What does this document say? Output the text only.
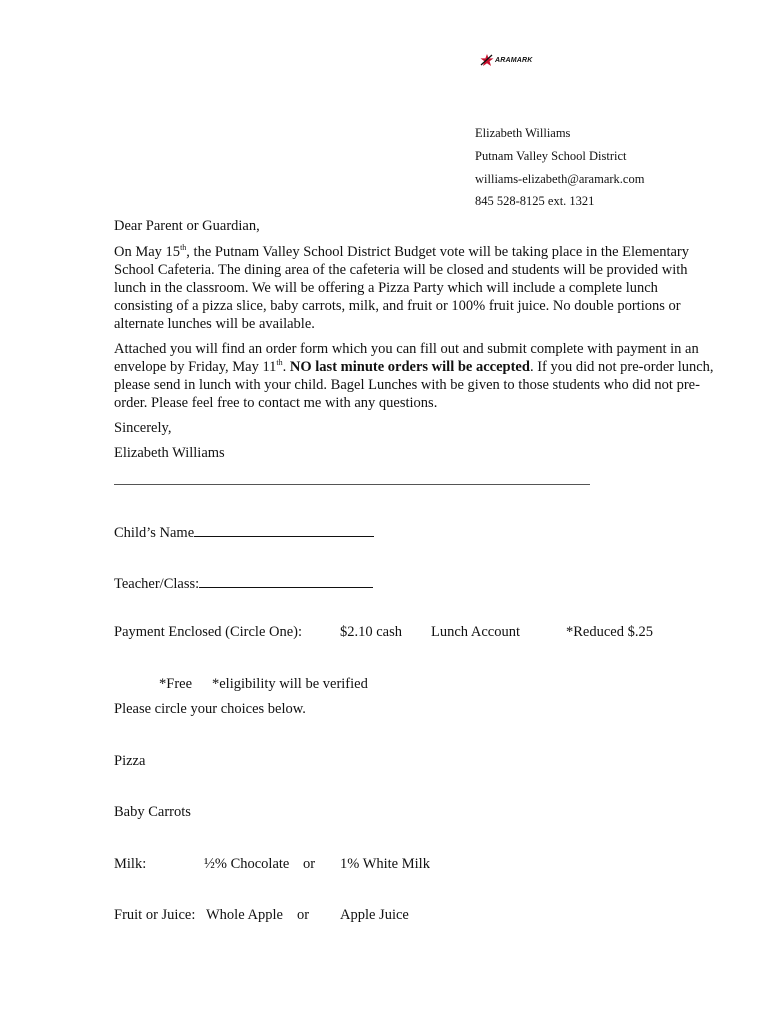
ARAMARK
Elizabeth Williams
Putnam Valley School District
williams-elizabeth@aramark.com
845 528-8125 ext. 1321
Dear Parent or Guardian,
On May 15th, the Putnam Valley School District Budget vote will be taking place in the Elementary School Cafeteria. The dining area of the cafeteria will be closed and students will be provided with lunch in the classroom. We will be offering a Pizza Party which will include a complete lunch consisting of a pizza slice, baby carrots, milk, and fruit or 100% fruit juice. No double portions or alternate lunches will be available.
Attached you will find an order form which you can fill out and submit complete with payment in an envelope by Friday, May 11th. NO last minute orders will be accepted. If you did not pre-order lunch, please send in lunch with your child. Bagel Lunches with be given to those students who did not pre-order. Please feel free to contact me with any questions.
Sincerely,
Elizabeth Williams
Child’s Name
Teacher/Class:
Payment Enclosed (Circle One):	$2.10 cash Lunch Account	*Reduced $.25
*Free *eligibility will be verified
Please circle your choices below.
Pizza
Baby Carrots
Milk:	½% Chocolate or 1% White Milk
Fruit or Juice: Whole Apple or Apple Juice
